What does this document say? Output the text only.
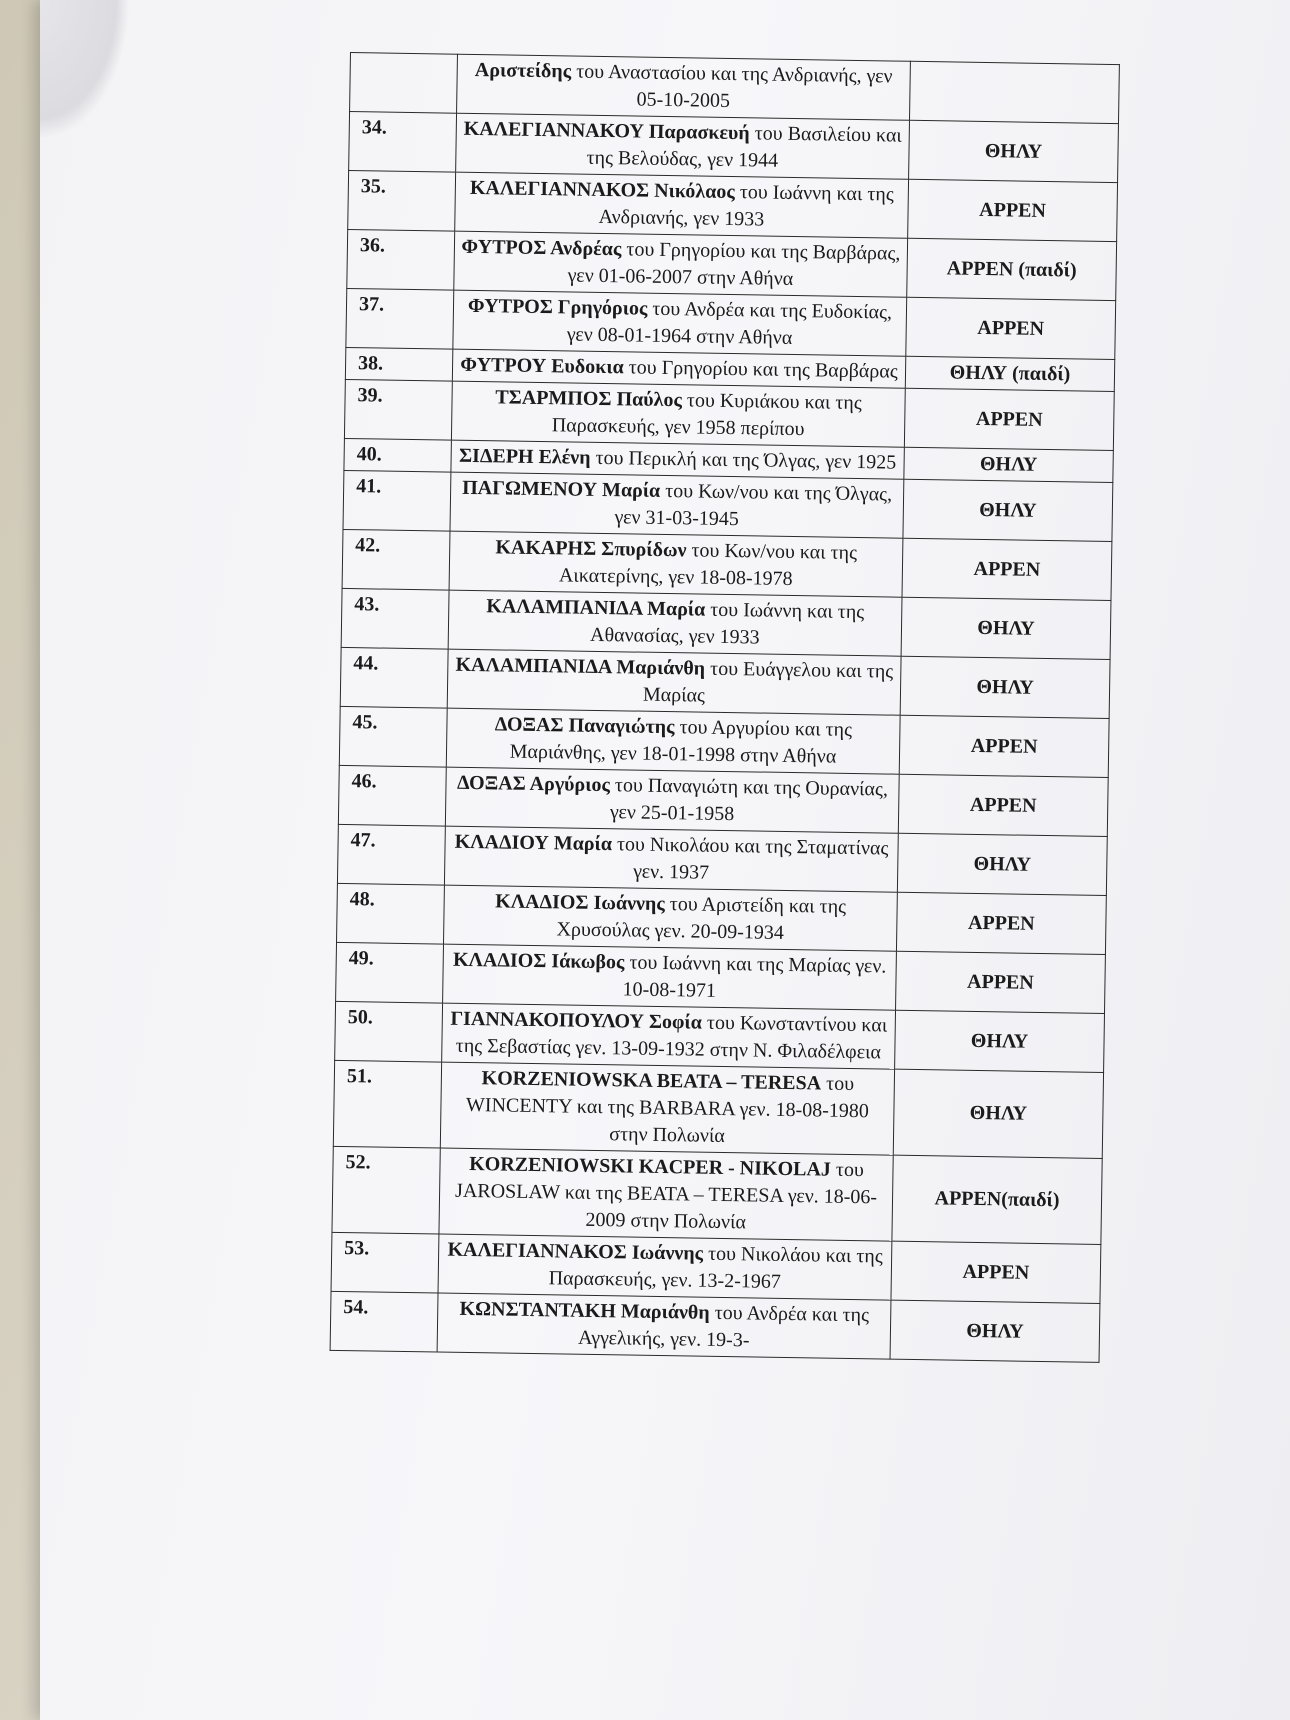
	Αριστείδης του Αναστασίου και της Ανδριανής, γεν 05-10-2005	
34.	ΚΑΛΕΓΙΑΝΝΑΚΟΥ Παρασκευή του Βασιλείου και της Βελούδας, γεν 1944	ΘΗΛΥ
35.	ΚΑΛΕΓΙΑΝΝΑΚΟΣ Νικόλαος του Ιωάννη και της Ανδριανής, γεν 1933	ΑΡΡΕΝ
36.	ΦΥΤΡΟΣ Ανδρέας του Γρηγορίου και της Βαρβάρας, γεν 01-06-2007 στην Αθήνα	ΑΡΡΕΝ (παιδί)
37.	ΦΥΤΡΟΣ Γρηγόριος του Ανδρέα και της Ευδοκίας, γεν 08-01-1964 στην Αθήνα	ΑΡΡΕΝ
38.	ΦΥΤΡΟΥ Ευδοκια του Γρηγορίου και της Βαρβάρας	ΘΗΛΥ (παιδί)
39.	ΤΣΑΡΜΠΟΣ Παύλος του Κυριάκου και της Παρασκευής, γεν 1958 περίπου	ΑΡΡΕΝ
40.	ΣΙΔΕΡΗ Ελένη του Περικλή και της Όλγας, γεν 1925	ΘΗΛΥ
41.	ΠΑΓΩΜΕΝΟΥ Μαρία του Κων/νου και της Όλγας, γεν 31-03-1945	ΘΗΛΥ
42.	ΚΑΚΑΡΗΣ Σπυρίδων του Κων/νου και της Αικατερίνης, γεν 18-08-1978	ΑΡΡΕΝ
43.	ΚΑΛΑΜΠΑΝΙΔΑ Μαρία του Ιωάννη και της Αθανασίας, γεν 1933	ΘΗΛΥ
44.	ΚΑΛΑΜΠΑΝΙΔΑ Μαριάνθη του Ευάγγελου και της Μαρίας	ΘΗΛΥ
45.	ΔΟΞΑΣ Παναγιώτης του Αργυρίου και της Μαριάνθης, γεν 18-01-1998 στην Αθήνα	ΑΡΡΕΝ
46.	ΔΟΞΑΣ Αργύριος του Παναγιώτη και της Ουρανίας, γεν 25-01-1958	ΑΡΡΕΝ
47.	ΚΛΑΔΙΟΥ Μαρία του Νικολάου και της Σταματίνας γεν. 1937	ΘΗΛΥ
48.	ΚΛΑΔΙΟΣ Ιωάννης του Αριστείδη και της Χρυσούλας γεν. 20-09-1934	ΑΡΡΕΝ
49.	ΚΛΑΔΙΟΣ Ιάκωβος του Ιωάννη και της Μαρίας γεν. 10-08-1971	ΑΡΡΕΝ
50.	ΓΙΑΝΝΑΚΟΠΟΥΛΟΥ Σοφία του Κωνσταντίνου και της Σεβαστίας γεν. 13-09-1932 στην Ν. Φιλαδέλφεια	ΘΗΛΥ
51.	KORZENIOWSKA BEATA – TERESA του WINCENTY και της BARBARA γεν. 18-08-1980 στην Πολωνία	ΘΗΛΥ
52.	KORZENIOWSKI KACPER - NIKOLAJ του JAROSLAW και της BEATA – TERESA γεν. 18-06-2009 στην Πολωνία	ΑΡΡΕΝ(παιδί)
53.	ΚΑΛΕΓΙΑΝΝΑΚΟΣ Ιωάννης του Νικολάου και της Παρασκευής, γεν. 13-2-1967	ΑΡΡΕΝ
54.	ΚΩΝΣΤΑΝΤΑΚΗ Μαριάνθη του Ανδρέα και της Αγγελικής, γεν. 19-3-	ΘΗΛΥ
